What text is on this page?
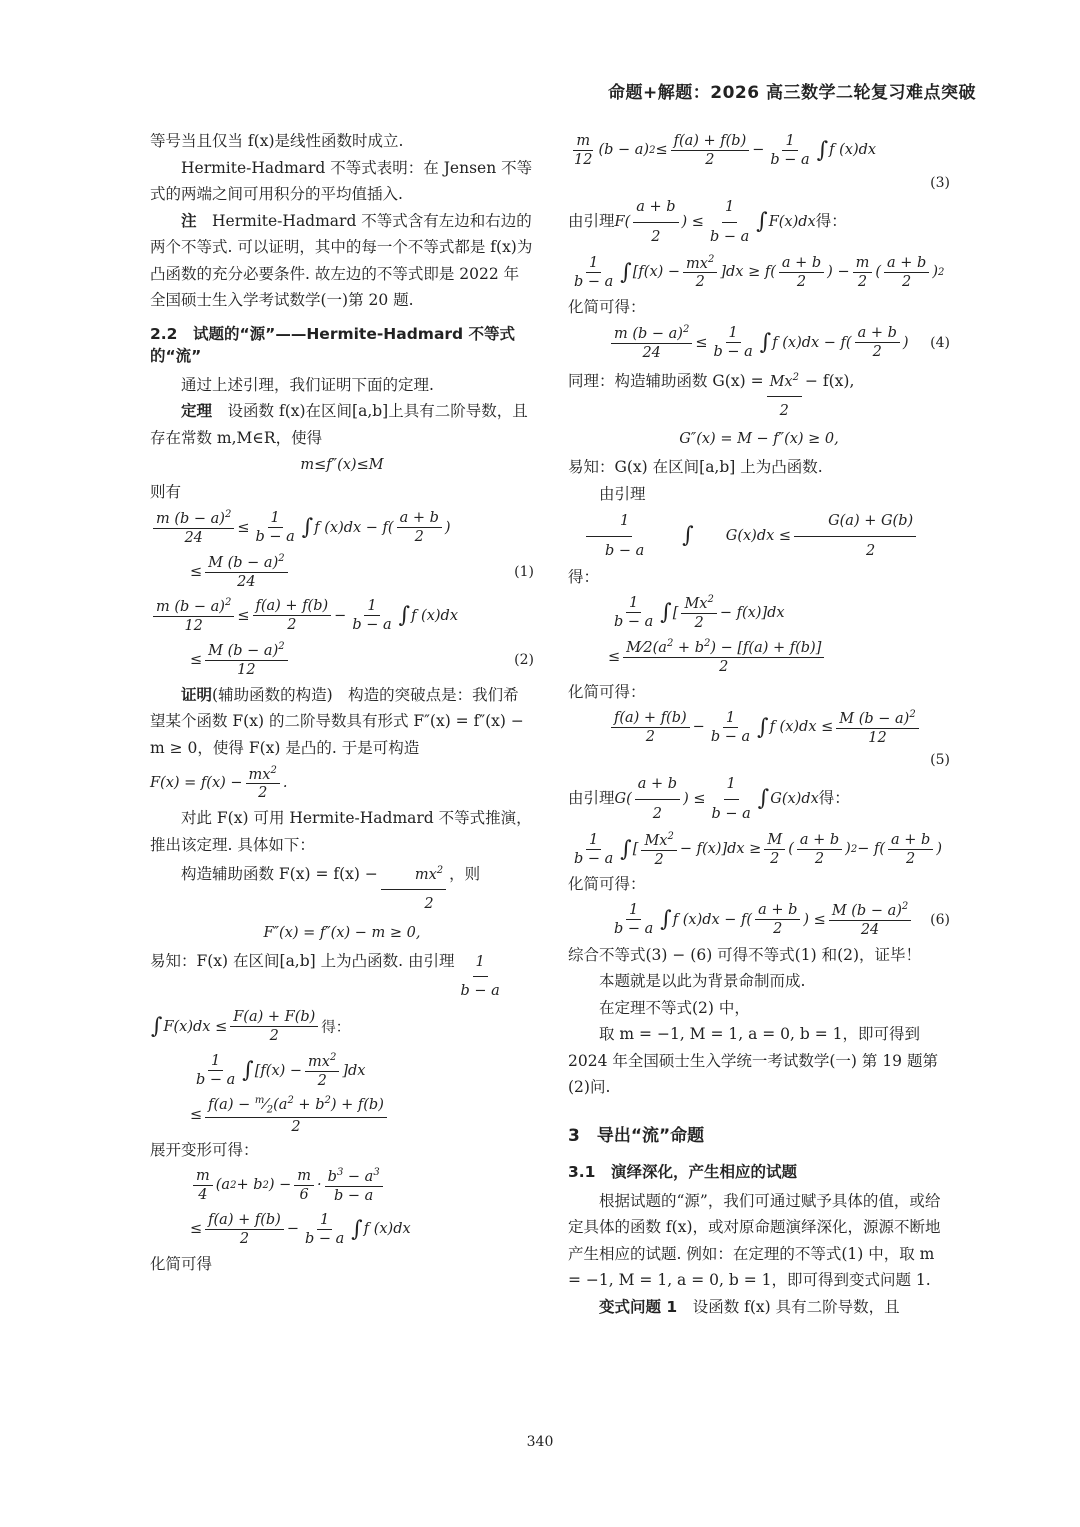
命题+解题：2026 高三数学二轮复习难点突破

等号当且仅当 f(x)是线性函数时成立.

Hermite-Hadmard 不等式表明：在 Jensen 不等式的两端之间可用积分的平均值插入.

注　 Hermite-Hadmard 不等式含有左边和右边的两个不等式. 可以证明，其中的每一个不等式都是 f(x)为凸函数的充分必要条件. 故左边的不等式即是 2022 年全国硕士生入学考试数学(一)第 20 题.

2.2　试题的“源”——Hermite-Hadmard 不等式的“流”

通过上述引理，我们证明下面的定理.

定理　 设函数 f(x)在区间[a,b]上具有二阶导数，且存在常数 m,M∈R，使得

m≤f″(x)≤M

则有

m $(b - a)^2$
24
≤
1
b − a ∫ f (x)dx − f(
a + b
2
)
≤
M $(b - a)^2$
24
(1)
m $(b - a)^2$
12
≤
f(a) + f(b)
2
−
1
b − a ∫ f (x)dx
≤
M $(b - a)^2$
12
(2)

证明(辅助函数的构造)　 构造的突破点是：我们希望某个函数 F(x) 的二阶导数具有形式 F″(x) = f″(x) − m ≥ 0，使得 F(x) 是凸的. 于是可构造

F(x) = f(x) −
$mx^2$
2
.

对此 F(x) 可用 Hermite-Hadmard 不等式推演，推出该定理. 具体如下：

构造辅助函数 F(x) = f(x) −	$mx^2$
2
，则

F″(x) = f″(x) − m ≥ 0,

易知：F(x) 在区间[a,b] 上为凸函数. 由引理 1
b − a

∫ F(x)dx ≤
F(a) + F(b)
2	得：
1
b − a ∫ [f(x) −
$mx^2$
2
]dx
≤
$f(a) - ^m⁄_2(a^2 + b^2) + f(b)$
2

展开变形可得：

m
4
(a 2 + b 2 ) −
m
6
·
$b^3 - a^3$
b − a
≤
f(a) + f(b)
2
−
1
b − a ∫ f (x)dx

化简可得

m
12
(b − a) 2 ≤
f(a) + f(b)
2
−
1
b − a ∫ f (x)dx
(3)

由引理F(
a + b
2
) ≤
1
b − a
∫ F(x)dx得：

1
b − a ∫ [f(x) −
$mx^2$
2
]dx ≥ f(
a + b
2
) −
m
2
(
a + b
2
) 2

化简可得：

m $(b - a)^2$
24
≤
1
b − a ∫ f (x)dx − f(
a + b
2
) (4)

同理：构造辅助函数 $G(x) = Mx^2$
2
− f(x),

G″(x) = M − f″(x) ≥ 0,

易知：G(x) 在区间[a,b] 上为凸函数.

由引理
1
b − a
∫ G(x)dx ≤
G(a) + G(b)
2
得：

1
b − a ∫ [
Mx$^2$
2
− f(x)]dx
≤
$M⁄2(a^2 + b^2) - [f(a) + f(b)]$
2

化简可得：

f(a) + f(b)
2
−
1
b − a ∫ f (x)dx ≤
M $(b - a)^2$
12
(5)

由引理G(
a + b
2
) ≤
1
b − a
∫ G(x)dx得：

1
b − a ∫ [
Mx$^2$
2
− f(x)]dx ≥
M
2
(
a + b
2
) 2 − f(
a + b
2
)

化简可得：

1
b − a ∫ f (x)dx − f(
a + b
2
) ≤
M $(b - a)^2$
24
(6)

综合不等式(3) − (6) 可得不等式(1) 和(2)，证毕！

本题就是以此为背景命制而成.

在定理不等式(2) 中，

取 m = −1, M = 1, a = 0, b = 1，即可得到 2024 年全国硕士生入学统一考试数学(一) 第 19 题第(2)问.

3　导出“流”命题
3.1　演绎深化，产生相应的试题

根据试题的“源”，我们可通过赋予具体的值，或给定具体的函数 f(x)，或对原命题演绎深化，源源不断地产生相应的试题. 例如：在定理的不等式(1) 中，取 m = −1, M = 1, a = 0, b = 1，即可得到变式问题 1.

变式问题 1　 设函数 f(x) 具有二阶导数，且

340
